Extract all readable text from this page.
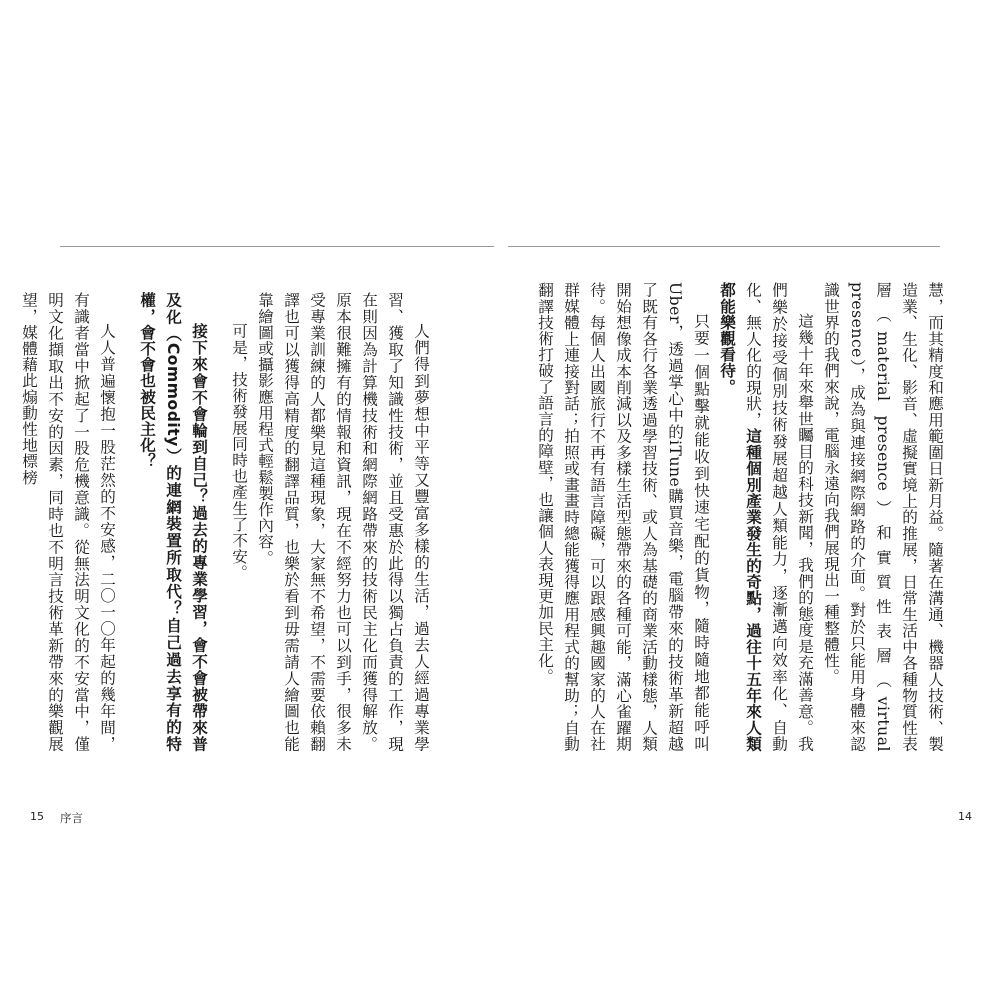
人們得到夢想中平等又豐富多樣的生活，過去人經過專業學習、獲取了知識性技術，並且受惠於此得以獨占負責的工作，現在則因為計算機技術和網際網路帶來的技術民主化而獲得解放。原本很難擁有的情報和資訊，現在不經努力也可以到手，很多未受專業訓練的人都樂見這種現象，大家無不希望，不需要依賴翻譯也可以獲得高精度的翻譯品質，也樂於看到毋需請人繪圖也能靠繪圖或攝影應用程式輕鬆製作內容。
可是，技術發展同時也產生了不安。
接下來會不會輪到自己？過去的專業學習，會不會被帶來普及化（Commodity）的連網裝置所取代？自己過去享有的特權，會不會也被民主化？
人人普遍懷抱一股茫然的不安感，二〇一〇年起的幾年間，有識者當中掀起了一股危機意識。從無法明文化的不安當中，僅明文化擷取出不安的因素，同時也不明言技術革新帶來的樂觀展望，媒體藉此煽動性地標榜
15 序言
慧，而其精度和應用範圍日新月益。隨著在溝通、機器人技術、製造業、生化、影音、虛擬實境上的推展，日常生活中各種物質性表層（material presence）和實質性表層（virtual presence），成為與連接網際網路的介面。對於只能用身體來認識世界的我們來說，電腦永遠向我們展現出一種整體性。
這幾十年來舉世矚目的科技新聞，我們的態度是充滿善意。我們樂於接受個別技術發展超越人類能力，逐漸邁向效率化、自動化、無人化的現狀，這種個別產業發生的奇點，過往十五年來人類都能樂觀看待。
只要一個點擊就能收到快速宅配的貨物，隨時隨地都能呼叫Uber，透過掌心中的iTune購買音樂，電腦帶來的技術革新超越了既有各行各業透過學習技術、或人為基礎的商業活動樣態，人類開始想像成本削減以及多樣生活型態帶來的各種可能，滿心雀躍期待。每個人出國旅行不再有語言障礙，可以跟感興趣國家的人在社群媒體上連接對話；拍照或畫畫時總能獲得應用程式的幫助；自動翻譯技術打破了語言的障壁，也讓個人表現更加民主化。
14
